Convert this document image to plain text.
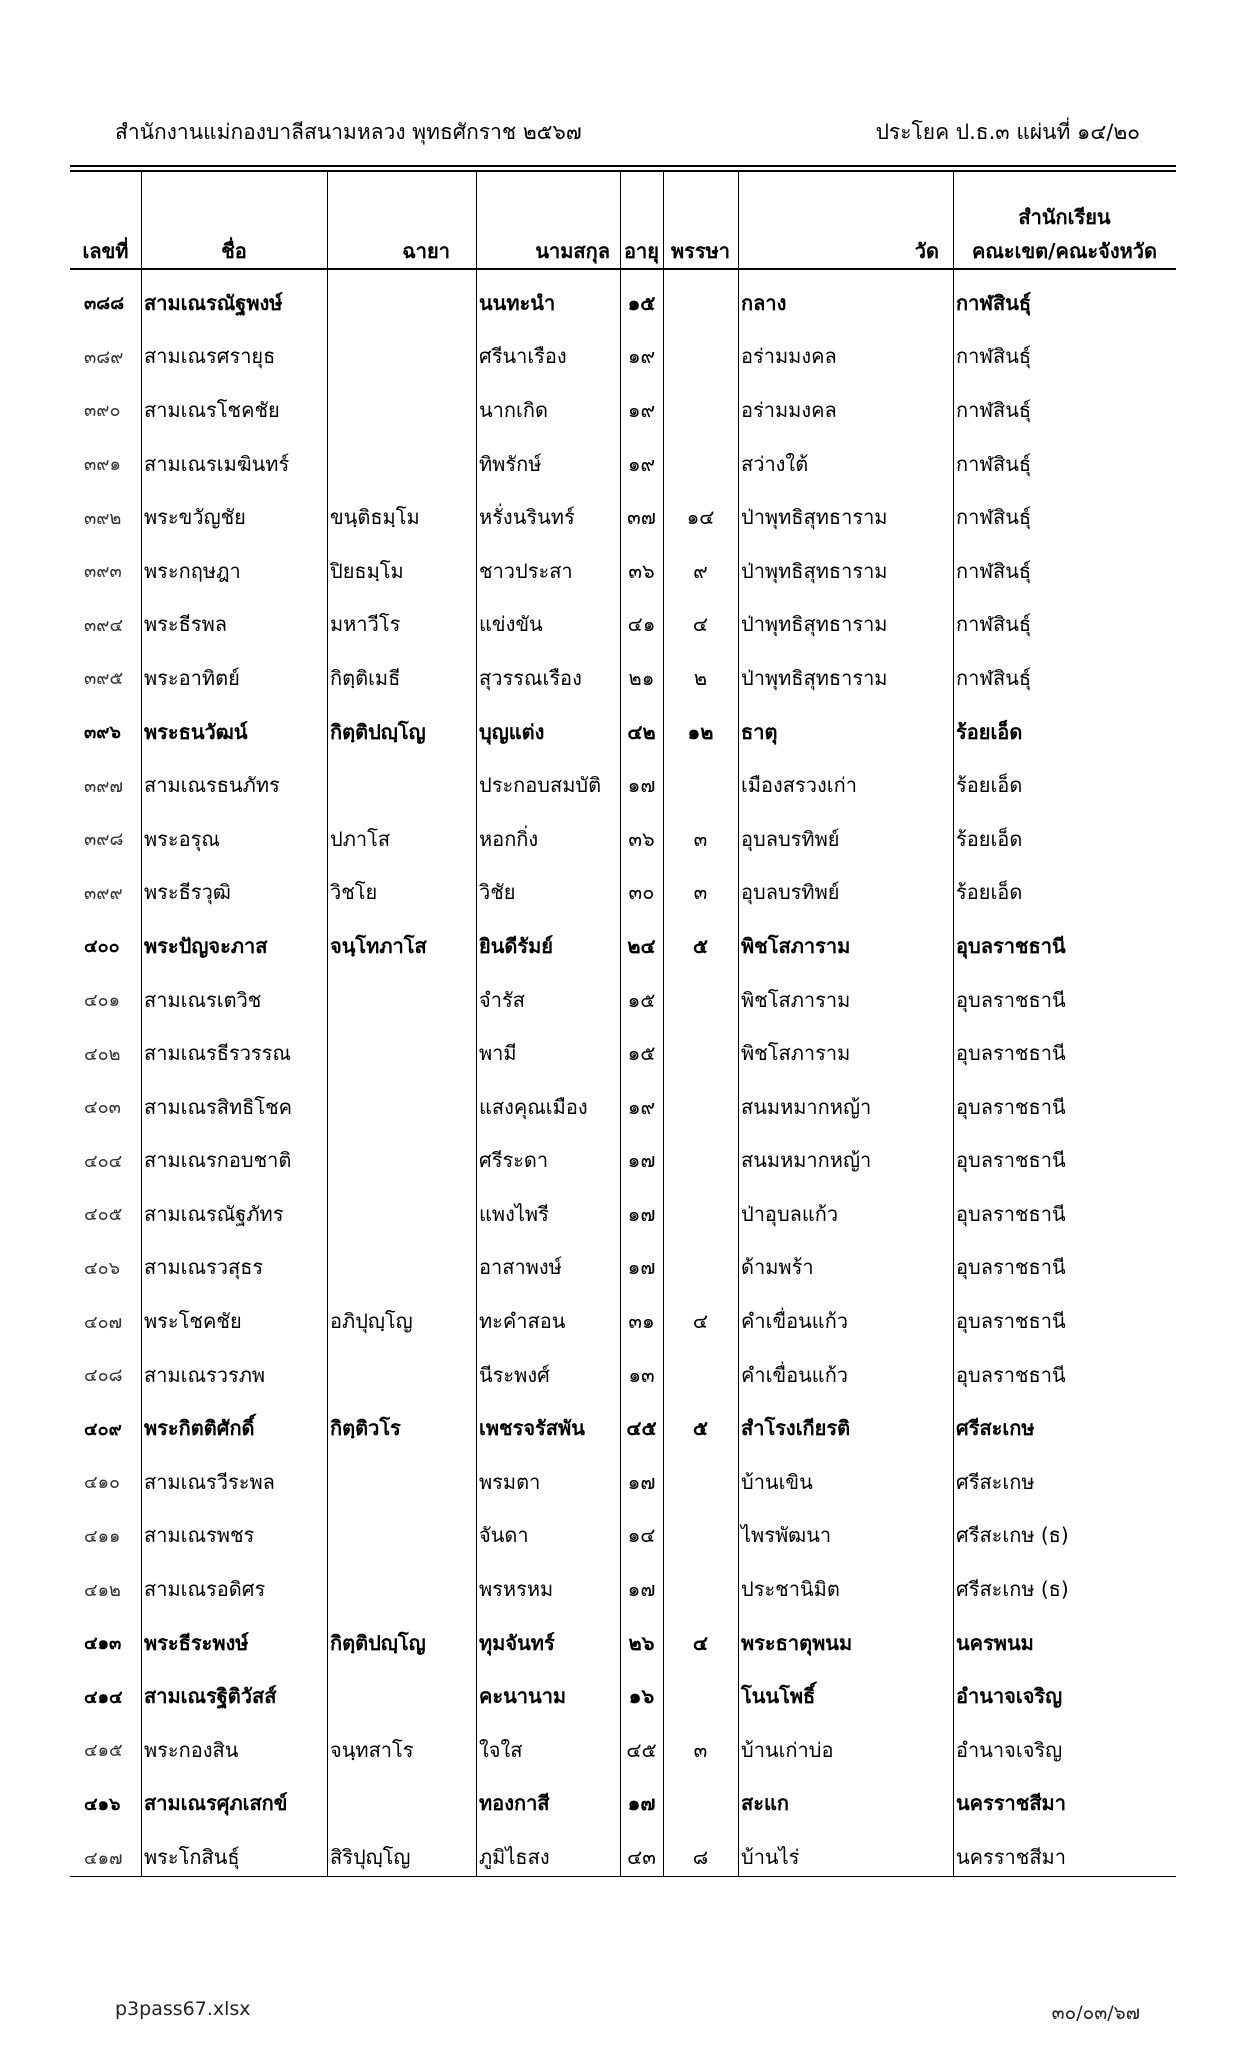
สำนักงานแม่กองบาลีสนามหลวง พุทธศักราช ๒๕๖๗	ประโยค ป.ธ.๓ แผ่นที่ ๑๔/๒๐
เลขที่	ชื่อ	ฉายา	นามสกุล	อายุ	พรรษา	วัด	สำนักเรียน
คณะเขต/คณะจังหวัด

๓๘๘	สามเณรณัฐพงษ์		นนทะนำ	๑๕		กลาง	กาฬสินธุ์
๓๘๙	สามเณรศรายุธ		ศรีนาเรือง	๑๙		อร่ามมงคล	กาฬสินธุ์
๓๙๐	สามเณรโชคชัย		นากเกิด	๑๙		อร่ามมงคล	กาฬสินธุ์
๓๙๑	สามเณรเมฆินทร์		ทิพรักษ์	๑๙		สว่างใต้	กาฬสินธุ์
๓๙๒	พระขวัญชัย	ขนฺติธมฺโม	หรั่งนรินทร์	๓๗	๑๔	ป่าพุทธิสุทธาราม	กาฬสินธุ์
๓๙๓	พระกฤษฎา	ปิยธมฺโม	ชาวประสา	๓๖	๙	ป่าพุทธิสุทธาราม	กาฬสินธุ์
๓๙๔	พระธีรพล	มหาวีโร	แข่งขัน	๔๑	๔	ป่าพุทธิสุทธาราม	กาฬสินธุ์
๓๙๕	พระอาทิตย์	กิตฺติเมธี	สุวรรณเรือง	๒๑	๒	ป่าพุทธิสุทธาราม	กาฬสินธุ์
๓๙๖	พระธนวัฒน์	กิตฺติปญฺโญ	บุญแต่ง	๔๒	๑๒	ธาตุ	ร้อยเอ็ด
๓๙๗	สามเณรธนภัทร		ประกอบสมบัติ	๑๗		เมืองสรวงเก่า	ร้อยเอ็ด
๓๙๘	พระอรุณ	ปภาโส	หอกกิ่ง	๓๖	๓	อุบลบรทิพย์	ร้อยเอ็ด
๓๙๙	พระธีรวุฒิ	วิชโย	วิชัย	๓๐	๓	อุบลบรทิพย์	ร้อยเอ็ด
๔๐๐	พระปัญจะภาส	จนฺโทภาโส	ยินดีรัมย์	๒๔	๕	พิชโสภาราม	อุบลราชธานี
๔๐๑	สามเณรเตวิช		จำรัส	๑๕		พิชโสภาราม	อุบลราชธานี
๔๐๒	สามเณรธีรวรรณ		พามี	๑๕		พิชโสภาราม	อุบลราชธานี
๔๐๓	สามเณรสิทธิโชค		แสงคุณเมือง	๑๙		สนมหมากหญ้า	อุบลราชธานี
๔๐๔	สามเณรกอบชาติ		ศรีระดา	๑๗		สนมหมากหญ้า	อุบลราชธานี
๔๐๕	สามเณรณัฐภัทร		แพงไพรี	๑๗		ป่าอุบลแก้ว	อุบลราชธานี
๔๐๖	สามเณรวสุธร		อาสาพงษ์	๑๗		ด้ามพร้า	อุบลราชธานี
๔๐๗	พระโชคชัย	อภิปุญฺโญ	ทะคำสอน	๓๑	๔	คำเขื่อนแก้ว	อุบลราชธานี
๔๐๘	สามเณรวรภพ		นีระพงศ์	๑๓		คำเขื่อนแก้ว	อุบลราชธานี
๔๐๙	พระกิตติศักดิ์	กิตฺติวโร	เพชรจรัสพัน	๔๕	๕	สำโรงเกียรติ	ศรีสะเกษ
๔๑๐	สามเณรวีระพล		พรมตา	๑๗		บ้านเขิน	ศรีสะเกษ
๔๑๑	สามเณรพชร		จันดา	๑๔		ไพรพัฒนา	ศรีสะเกษ (ธ)
๔๑๒	สามเณรอดิศร		พรหรหม	๑๗		ประชานิมิต	ศรีสะเกษ (ธ)
๔๑๓	พระธีระพงษ์	กิตฺติปญฺโญ	ทุมจันทร์	๒๖	๔	พระธาตุพนม	นครพนม
๔๑๔	สามเณรฐิติวัสส์		คะนานาม	๑๖		โนนโพธิ์	อำนาจเจริญ
๔๑๕	พระกองสิน	จนฺทสาโร	ใจใส	๔๕	๓	บ้านเก่าบ่อ	อำนาจเจริญ
๔๑๖	สามเณรศุภเสกข์		ทองกาสี	๑๗		สะแก	นครราชสีมา
๔๑๗	พระโกสินธุ์	สิริปุญฺโญ	ภูมิไธสง	๔๓	๘	บ้านไร่	นครราชสีมา
p3pass67.xlsx	๓๐/๐๓/๖๗
